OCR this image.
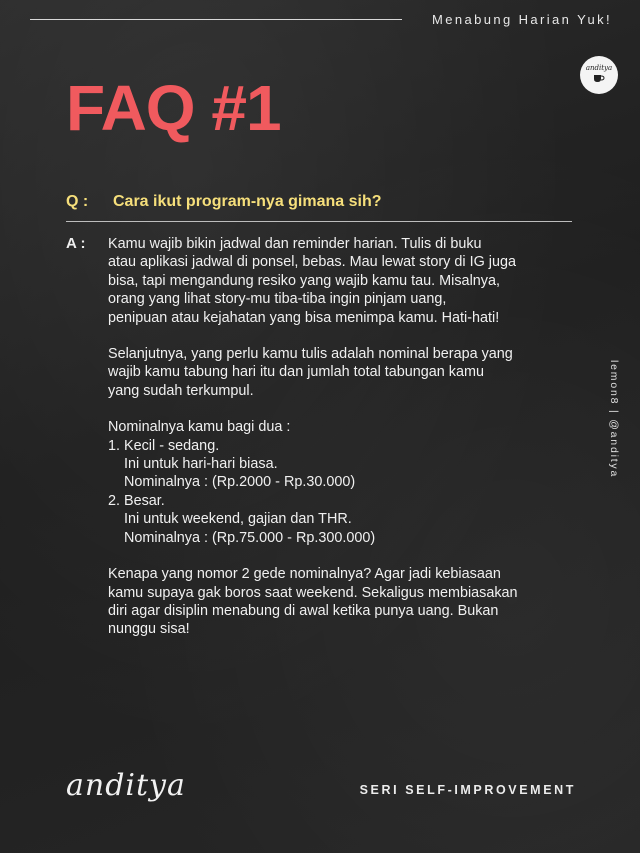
Menabung Harian Yuk!
anditya
FAQ #1
Q : Cara ikut program-nya gimana sih?
A : Kamu wajib bikin jadwal dan reminder harian. Tulis di buku

atau aplikasi jadwal di ponsel, bebas. Mau lewat story di IG juga

bisa, tapi mengandung resiko yang wajib kamu tau. Misalnya,

orang yang lihat story-mu tiba-tiba ingin pinjam uang,

penipuan atau kejahatan yang bisa menimpa kamu. Hati-hati!

Selanjutnya, yang perlu kamu tulis adalah nominal berapa yang

wajib kamu tabung hari itu dan jumlah total tabungan kamu

yang sudah terkumpul.

Nominalnya kamu bagi dua :

1. Kecil - sedang.

Ini untuk hari-hari biasa.

Nominalnya : (Rp.2000 - Rp.30.000)

2. Besar.

Ini untuk weekend, gajian dan THR.

Nominalnya : (Rp.75.000 - Rp.300.000)

Kenapa yang nomor 2 gede nominalnya? Agar jadi kebiasaan

kamu supaya gak boros saat weekend. Sekaligus membiasakan

diri agar disiplin menabung di awal ketika punya uang. Bukan

nunggu sisa!

lemon8 | @anditya
anditya	SERI SELF-IMPROVEMENT
